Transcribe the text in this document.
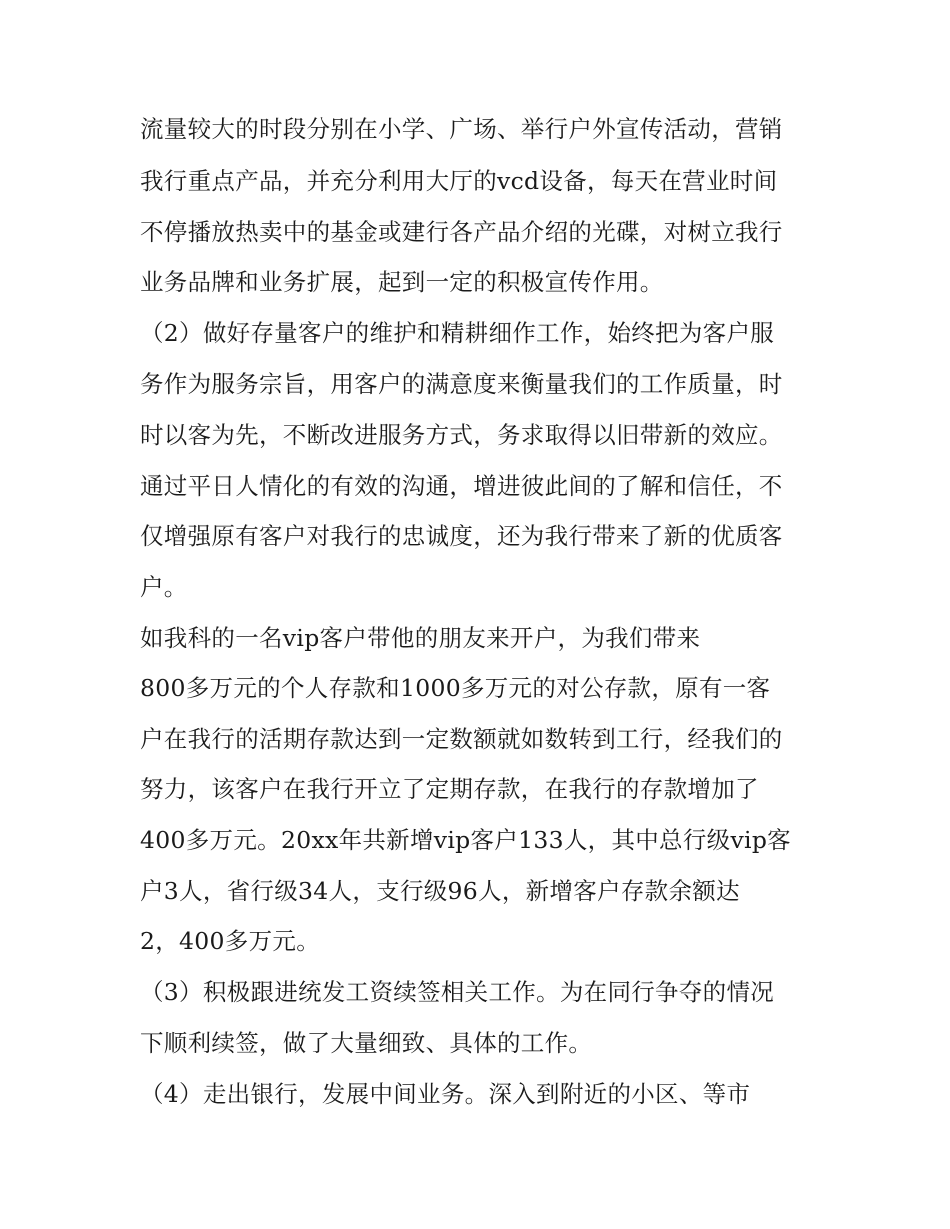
流量较大的时段分别在小学、广场、举行户外宣传活动，营销
我行重点产品，并充分利用大厅的vcd设备，每天在营业时间
不停播放热卖中的基金或建行各产品介绍的光碟，对树立我行
业务品牌和业务扩展，起到一定的积极宣传作用。
（2）做好存量客户的维护和精耕细作工作，始终把为客户服
务作为服务宗旨，用客户的满意度来衡量我们的工作质量，时
时以客为先，不断改进服务方式，务求取得以旧带新的效应。
通过平日人情化的有效的沟通，增进彼此间的了解和信任，不
仅增强原有客户对我行的忠诚度，还为我行带来了新的优质客
户。
如我科的一名vip客户带他的朋友来开户，为我们带来
800多万元的个人存款和1000多万元的对公存款，原有一客
户在我行的活期存款达到一定数额就如数转到工行，经我们的
努力，该客户在我行开立了定期存款，在我行的存款增加了
400多万元。20xx年共新增vip客户133人，其中总行级vip客
户3人，省行级34人，支行级96人，新增客户存款余额达
2，400多万元。
（3）积极跟进统发工资续签相关工作。为在同行争夺的情况
下顺利续签，做了大量细致、具体的工作。
（4）走出银行，发展中间业务。深入到附近的小区、等市
